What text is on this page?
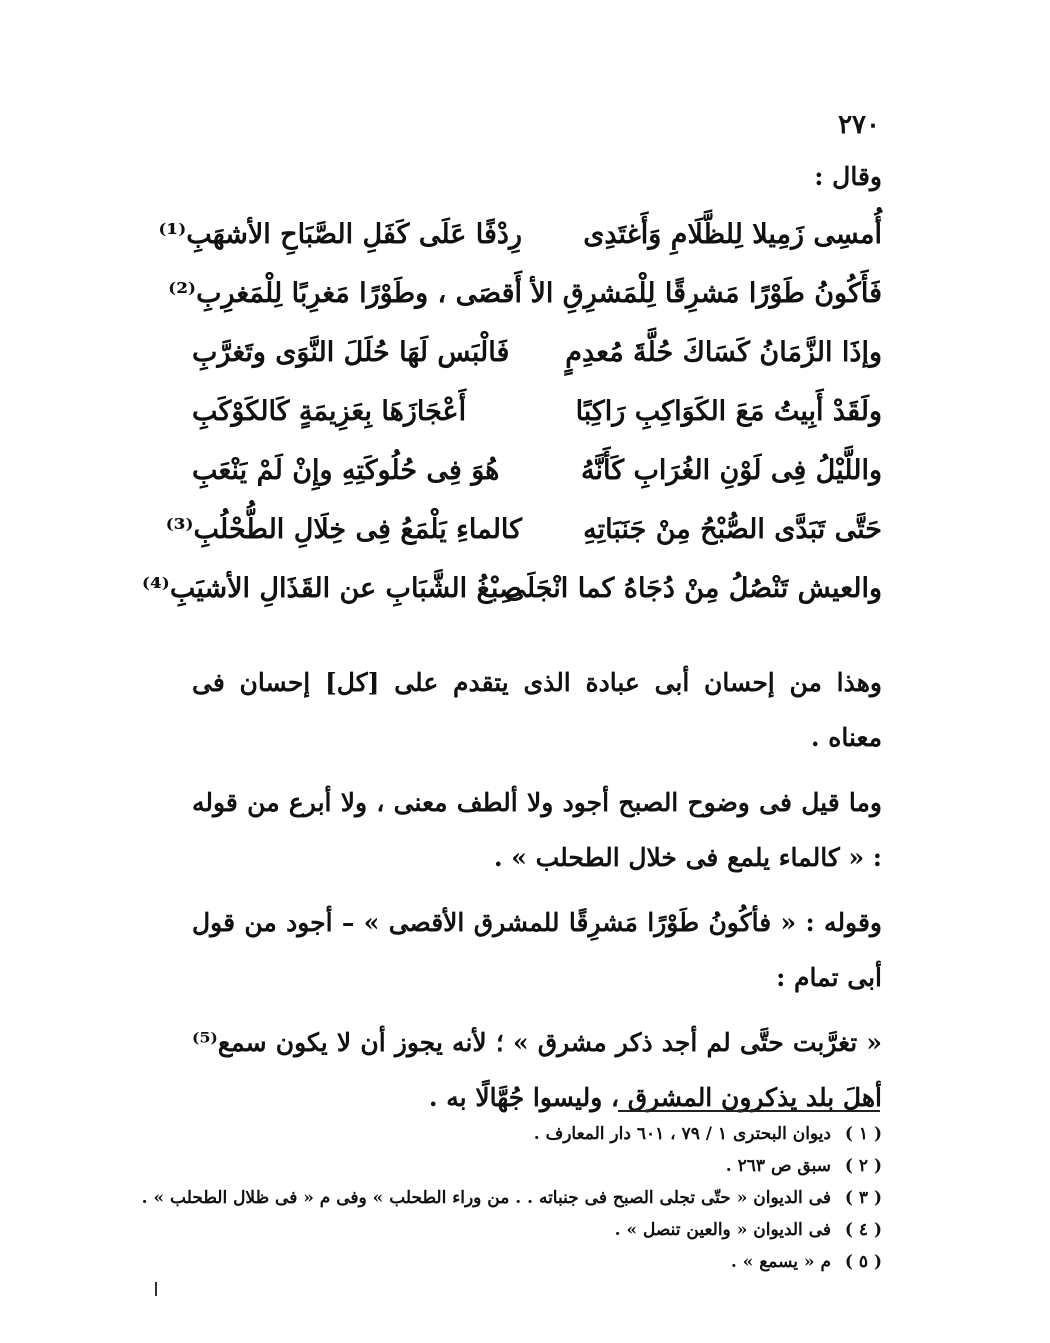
٢٧٠
وقال :
أُمسِى زَمِيلا لِلظَّلَامِ وَأَغتَدِى
رِدْفًا عَلَى كَفَلِ الصَّبَاحِ الأشهَبِ⁽¹⁾
فَأَكُونُ طَوْرًا مَشرِقًا لِلْمَشرِقِ الأ
أَقصَى ، وطَوْرًا مَغرِبًا لِلْمَغرِبِ⁽²⁾
وإذَا الزَّمَانُ كَسَاكَ حُلَّةَ مُعدِمٍ
فَالْبَس لَهَا حُلَلَ النَّوَى وتَغرَّبِ
ولَقَدْ أَبِيتُ مَعَ الكَوَاكِبِ رَاكِبًا
أَعْجَازَهَا بِعَزِيمَةٍ كَالكَوْكَبِ
واللَّيْلُ فِى لَوْنِ الغُرَابِ كَأَنَّهُ
هُوَ فِى حُلُوكَتِهِ وإِنْ لَمْ يَنْعَبِ
حَتَّى تَبَدَّى الصُّبْحُ مِنْ جَنَبَاتِهِ
كالماءِ يَلْمَعُ فِى خِلَالِ الطُّحْلُبِ⁽³⁾
والعيش تَنْصُلُ مِنْ دُجَاهُ كما انْجَلَى
صِبْغُ الشَّبَابِ عن القَذَالِ الأشيَبِ⁽⁴⁾

وهذا من إحسان أبى عبادة الذى يتقدم على [كل] إحسان فى معناه .

وما قيل فى وضوح الصبح أجود ولا ألطف معنى ، ولا أبرع من قوله : « كالماء يلمع فى خلال الطحلب » .

وقوله : « فأكُونُ طَوْرًا مَشرِقًا للمشرق الأقصى » – أجود من قول أبى تمام :

« تغرَّبت حتَّى لم أجد ذكر مشرق » ؛ لأنه يجوز أن لا يكون سمع⁽⁵⁾ أهلَ بلد يذكرون المشرق ، وليسوا جُهَّالًا به .

( ١ ) ديوان البحترى ١ / ٧٩ ، ٦٠١ دار المعارف .
( ٢ ) سبق ص ٢٦٣ .
( ٣ ) فى الديوان « حتّى تجلى الصبح فى جنباته . . من وراء الطحلب » وفى م « فى ظلال الطحلب » .
( ٤ ) فى الديوان « والعين تنصل » .
( ٥ ) م « يسمع » .
